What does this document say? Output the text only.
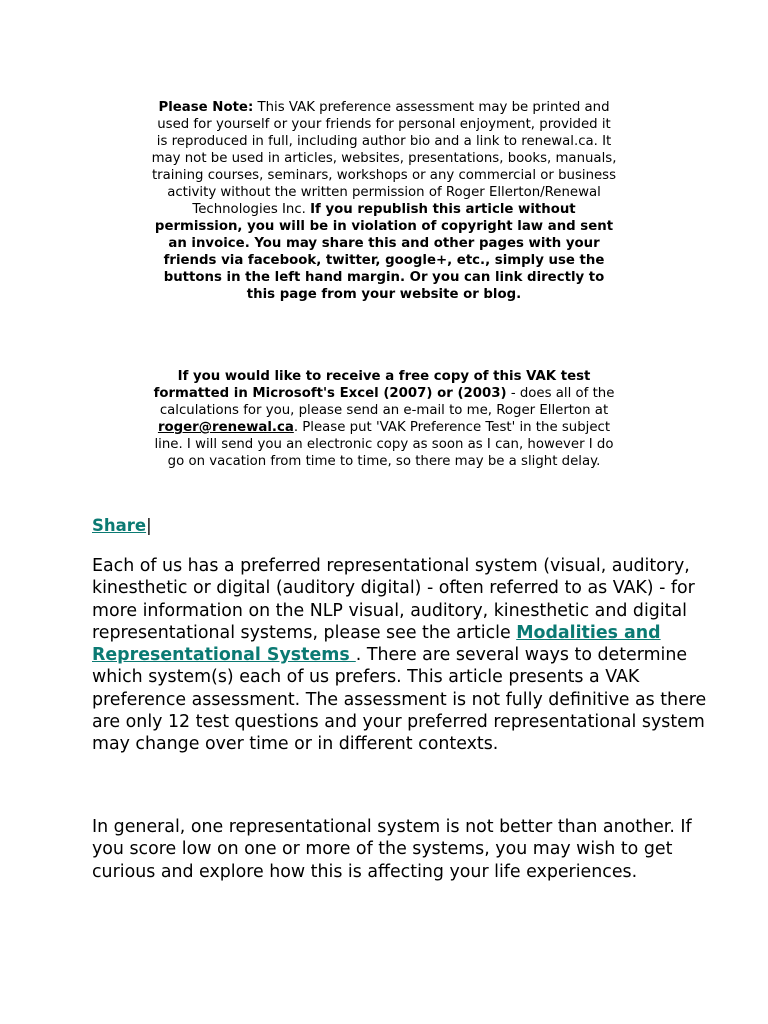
Please Note: This VAK preference assessment may be printed and used for yourself or your friends for personal enjoyment, provided it is reproduced in full, including author bio and a link to renewal.ca. It may not be used in articles, websites, presentations, books, manuals, training courses, seminars, workshops or any commercial or business activity without the written permission of Roger Ellerton/Renewal Technologies Inc. If you republish this article without permission, you will be in violation of copyright law and sent an invoice. You may share this and other pages with your friends via facebook, twitter, google+, etc., simply use the buttons in the left hand margin. Or you can link directly to this page from your website or blog.
If you would like to receive a free copy of this VAK test formatted in Microsoft's Excel (2007) or (2003) - does all of the calculations for you, please send an e-mail to me, Roger Ellerton at roger@renewal.ca. Please put 'VAK Preference Test' in the subject line. I will send you an electronic copy as soon as I can, however I do go on vacation from time to time, so there may be a slight delay.
Share|

Each of us has a preferred representational system (visual, auditory, kinesthetic or digital (auditory digital) - often referred to as VAK) - for more information on the NLP visual, auditory, kinesthetic and digital representational systems, please see the article Modalities and Representational Systems . There are several ways to determine which system(s) each of us prefers. This article presents a VAK preference assessment. The assessment is not fully definitive as there are only 12 test questions and your preferred representational system may change over time or in different contexts.

In general, one representational system is not better than another. If you score low on one or more of the systems, you may wish to get curious and explore how this is affecting your life experiences.
